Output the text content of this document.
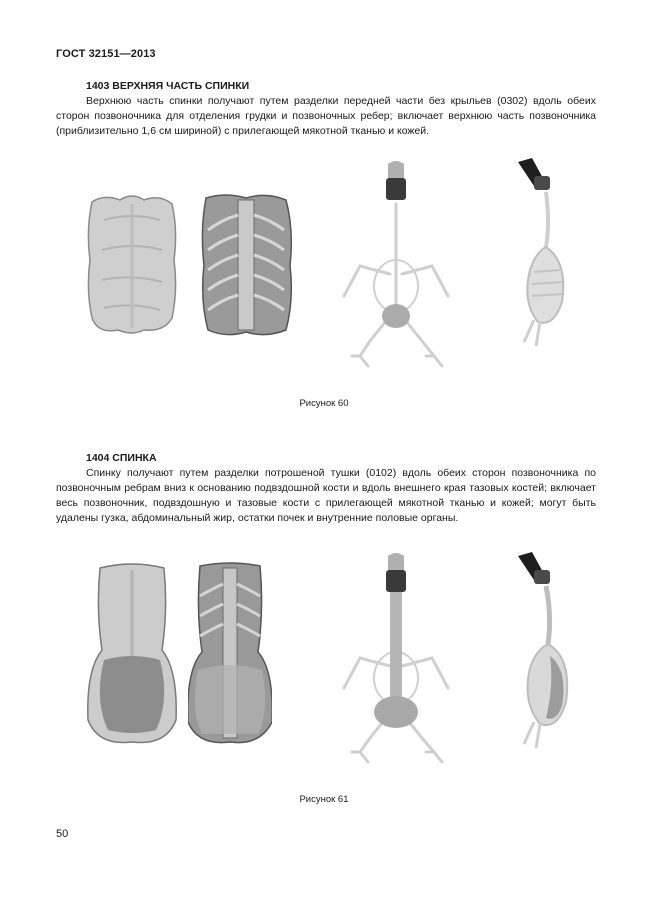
ГОСТ 32151—2013
1403 ВЕРХНЯЯ ЧАСТЬ СПИНКИ

Верхнюю часть спинки получают путем разделки передней части без крыльев (0302) вдоль обеих сторон позвоночника для отделения грудки и позвоночных ребер; включает верхнюю часть позвоночника (приблизительно 1,6 см шириной) с прилегающей мякотной тканью и кожей.

Рисунок 60
1404 СПИНКА

Спинку получают путем разделки потрошеной тушки (0102) вдоль обеих сторон позвоночника по позвоночным ребрам вниз к основанию подвздошной кости и вдоль внешнего края тазовых костей; включает весь позвоночник, подвздошную и тазовые кости с прилегающей мякотной тканью и кожей; могут быть удалены гузка, абдоминальный жир, остатки почек и внутренние половые органы.

Рисунок 61
50
